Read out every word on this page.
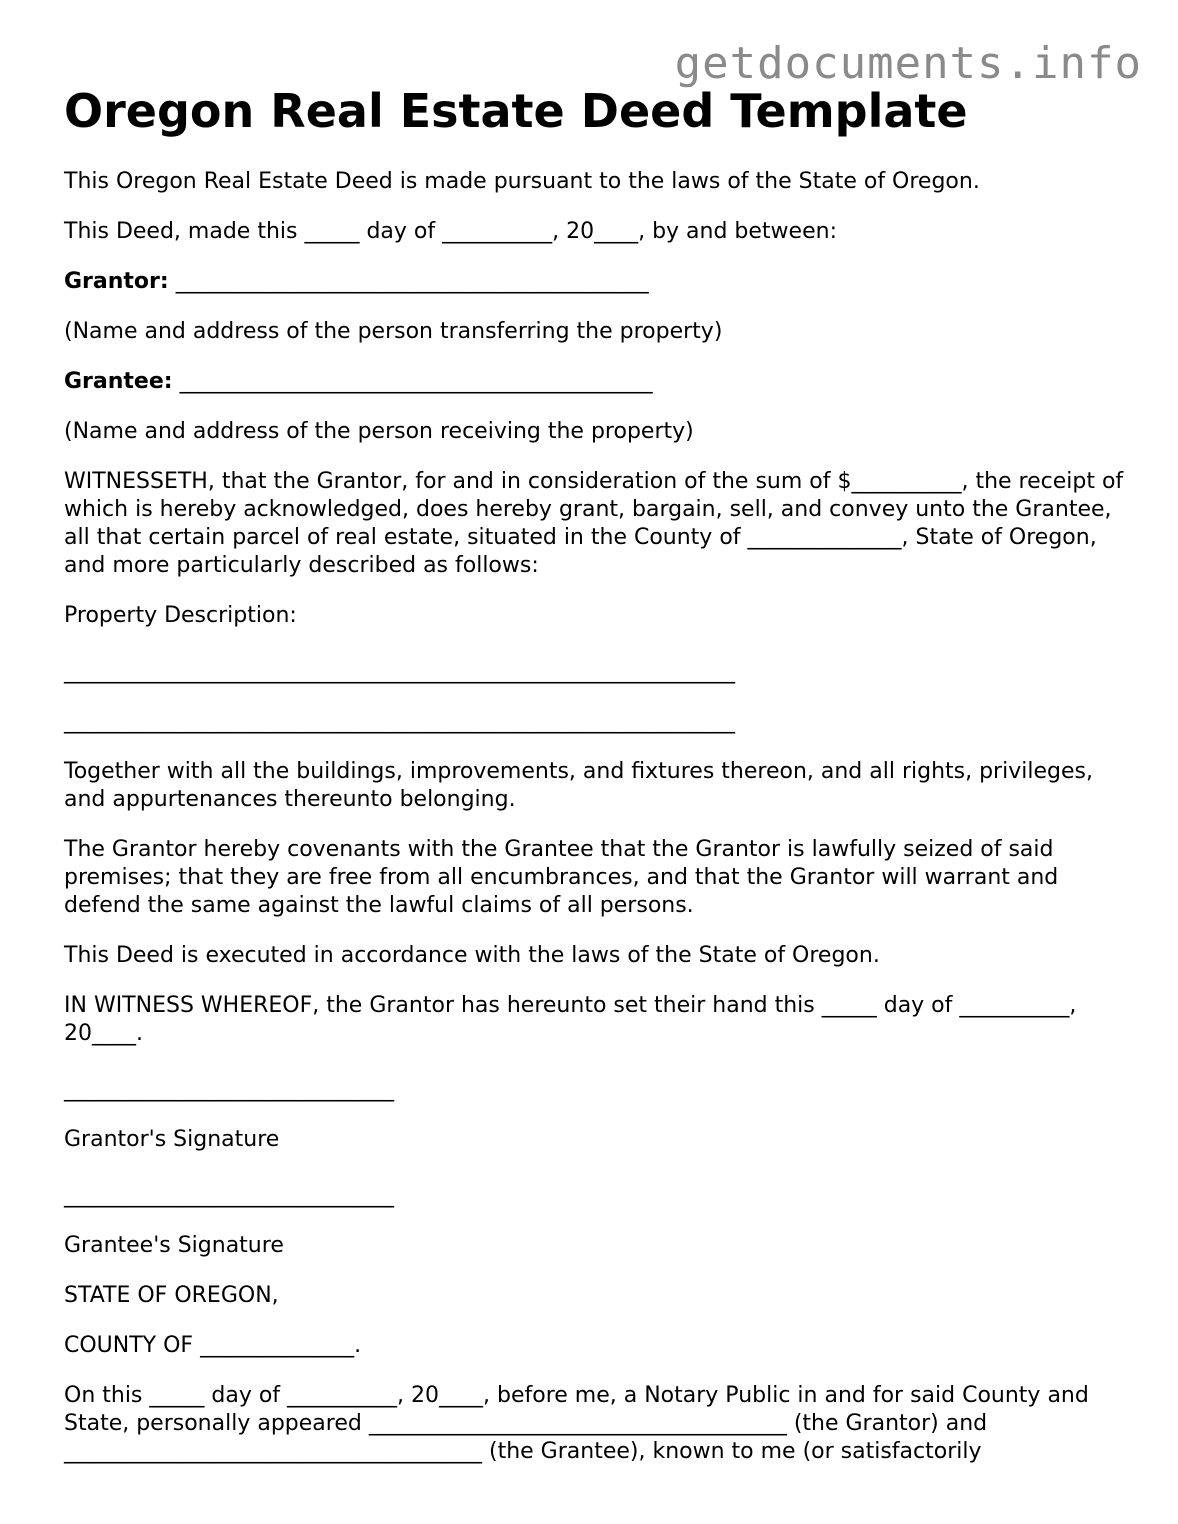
getdocuments.info
Oregon Real Estate Deed Template

This Oregon Real Estate Deed is made pursuant to the laws of the State of Oregon.

This Deed, made this _____ day of __________, 20____, by and between:

Grantor: ___________________________________________

(Name and address of the person transferring the property)

Grantee: ___________________________________________

(Name and address of the person receiving the property)

WITNESSETH, that the Grantor, for and in consideration of the sum of $__________, the receipt of which is hereby acknowledged, does hereby grant, bargain, sell, and convey unto the Grantee, all that certain parcel of real estate, situated in the County of ______________, State of Oregon, and more particularly described as follows:

Property Description:

_____________________________________________________________

_____________________________________________________________

Together with all the buildings, improvements, and fixtures thereon, and all rights, privileges, and appurtenances thereunto belonging.

The Grantor hereby covenants with the Grantee that the Grantor is lawfully seized of said premises; that they are free from all encumbrances, and that the Grantor will warrant and defend the same against the lawful claims of all persons.

This Deed is executed in accordance with the laws of the State of Oregon.

IN WITNESS WHEREOF, the Grantor has hereunto set their hand this _____ day of __________, 20____.

______________________________

Grantor's Signature

______________________________

Grantee's Signature

STATE OF OREGON,

COUNTY OF ______________.

On this _____ day of __________, 20____, before me, a Notary Public in and for said County and State, personally appeared ______________________________________ (the Grantor) and ______________________________________ (the Grantee), known to me (or satisfactorily
